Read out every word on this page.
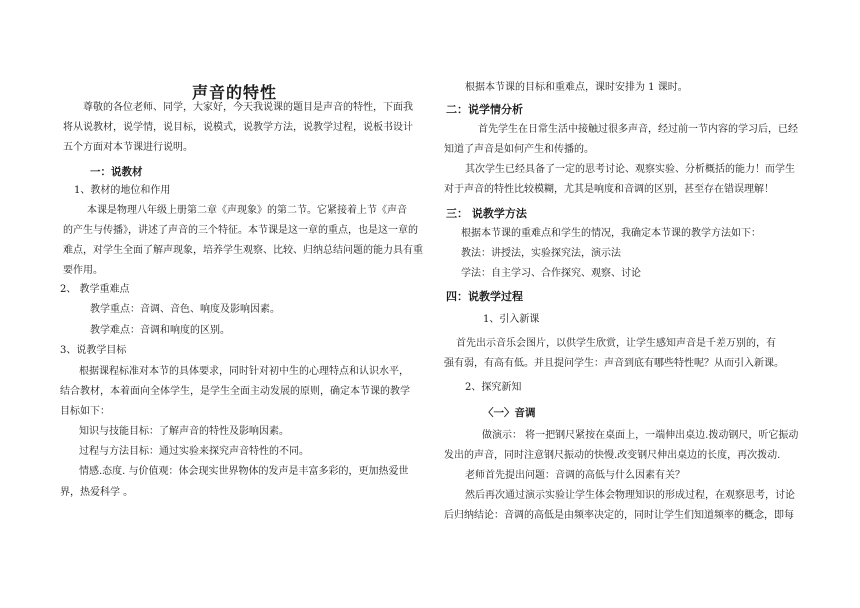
声音的特性
尊敬的各位老师、同学，大家好，今天我说课的题目是声音的特性，下面我
将从说教材，说学情，说目标，说模式，说教学方法，说教学过程，说板书设计
五个方面对本节课进行说明。
一：说教材
1、教材的地位和作用
本课是物理八年级上册第二章《声现象》的第二节。它紧接着上节《声音
的产生与传播》，讲述了声音的三个特征。本节课是这一章的重点，也是这一章的
难点，对学生全面了解声现象，培养学生观察、比较、归纳总结问题的能力具有重
要作用。
2、 教学重难点
教学重点：音调、音色、响度及影响因素。
教学难点：音调和响度的区别。
3、说教学目标
根据课程标准对本节的具体要求，同时针对初中生的心理特点和认识水平，
结合教材，本着面向全体学生，是学生全面主动发展的原则，确定本节课的教学
目标如下：
知识与技能目标：了解声音的特性及影响因素。
过程与方法目标：通过实验来探究声音特性的不同。
情感.态度. 与价值观：体会现实世界物体的发声是丰富多彩的，更加热爱世
界，热爱科学 。
根据本节课的目标和重难点，课时安排为 1 课时。
二：说学情分析
首先学生在日常生活中接触过很多声音，经过前一节内容的学习后，已经
知道了声音是如何产生和传播的。
其次学生已经具备了一定的思考讨论、观察实验、分析概括的能力！而学生
对于声音的特性比较模糊，尤其是响度和音调的区别，甚至存在错误理解！
三： 说教学方法
根据本节课的重难点和学生的情况，我确定本节课的教学方法如下：
教法：讲授法，实验探究法，演示法
学法：自主学习、合作探究、观察、讨论
四：说教学过程
1、引入新课
首先出示音乐会图片，以供学生欣赏，让学生感知声音是千差万别的，有
强有弱，有高有低。并且提问学生：声音到底有哪些特性呢？从而引入新课。
2、探究新知
〈一〉音调
做演示： 将一把钢尺紧按在桌面上，一端伸出桌边.拨动钢尺，听它振动
发出的声音，同时注意钢尺振动的快慢.改变钢尺伸出桌边的长度，再次拨动.
老师首先提出问题：音调的高低与什么因素有关？
然后再次通过演示实验让学生体会物理知识的形成过程，在观察思考，讨论
后归纳结论：音调的高低是由频率决定的，同时让学生们知道频率的概念，即每
